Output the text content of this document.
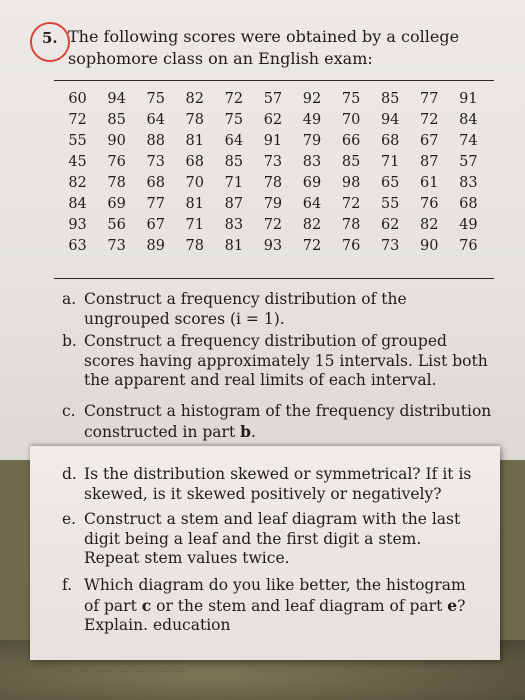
— — — — — — —
5. The following scores were obtained by a college sophomore class on an English exam:
60	94	75	82	72	57	92	75	85	77	91
72	85	64	78	75	62	49	70	94	72	84
55	90	88	81	64	91	79	66	68	67	74
45	76	73	68	85	73	83	85	71	87	57
82	78	68	70	71	78	69	98	65	61	83
84	69	77	81	87	79	64	72	55	76	68
93	56	67	71	83	72	82	78	62	82	49
63	73	89	78	81	93	72	76	73	90	76
a. Construct a frequency distribution of the ungrouped scores (i = 1).
b. Construct a frequency distribution of grouped scores having approximately 15 intervals. List both the apparent and real limits of each interval.
c. Construct a histogram of the frequency distribution constructed in part b.
d. Is the distribution skewed or symmetrical? If it is skewed, is it skewed positively or negatively?
e. Construct a stem and leaf diagram with the last digit being a leaf and the first digit a stem. Repeat stem values twice.
f. Which diagram do you like better, the histogram of part c or the stem and leaf diagram of part e? Explain. education
